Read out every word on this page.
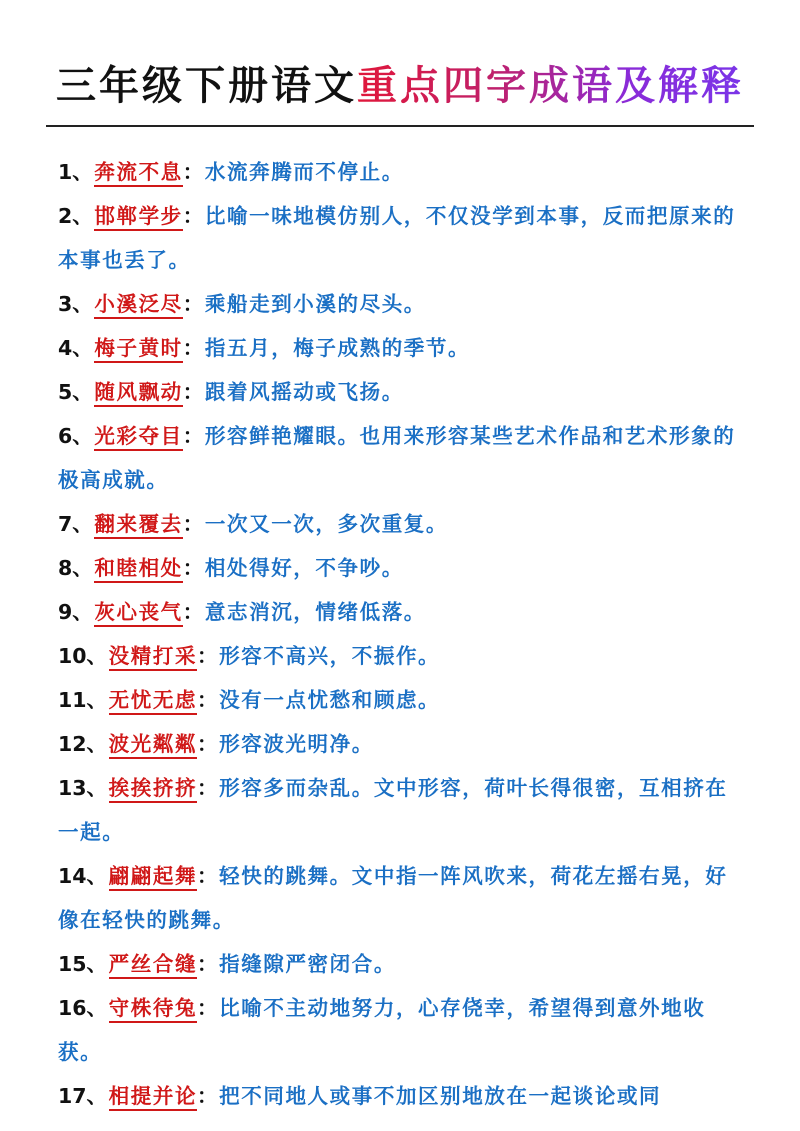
三年级下册语文重点四字成语及解释
1、奔流不息：水流奔腾而不停止。
2、邯郸学步：比喻一味地模仿别人，不仅没学到本事，反而把原来的本事也丢了。
3、小溪泛尽：乘船走到小溪的尽头。
4、梅子黄时：指五月，梅子成熟的季节。
5、随风飘动：跟着风摇动或飞扬。
6、光彩夺目：形容鲜艳耀眼。也用来形容某些艺术作品和艺术形象的极高成就。
7、翻来覆去：一次又一次，多次重复。
8、和睦相处：相处得好，不争吵。
9、灰心丧气：意志消沉，情绪低落。
10、没精打采：形容不高兴，不振作。
11、无忧无虑：没有一点忧愁和顾虑。
12、波光粼粼：形容波光明净。
13、挨挨挤挤：形容多而杂乱。文中形容，荷叶长得很密，互相挤在一起。
14、翩翩起舞：轻快的跳舞。文中指一阵风吹来，荷花左摇右晃，好像在轻快的跳舞。
15、严丝合缝：指缝隙严密闭合。
16、守株待兔：比喻不主动地努力，心存侥幸，希望得到意外地收获。
17、相提并论：把不同地人或事不加区别地放在一起谈论或同
